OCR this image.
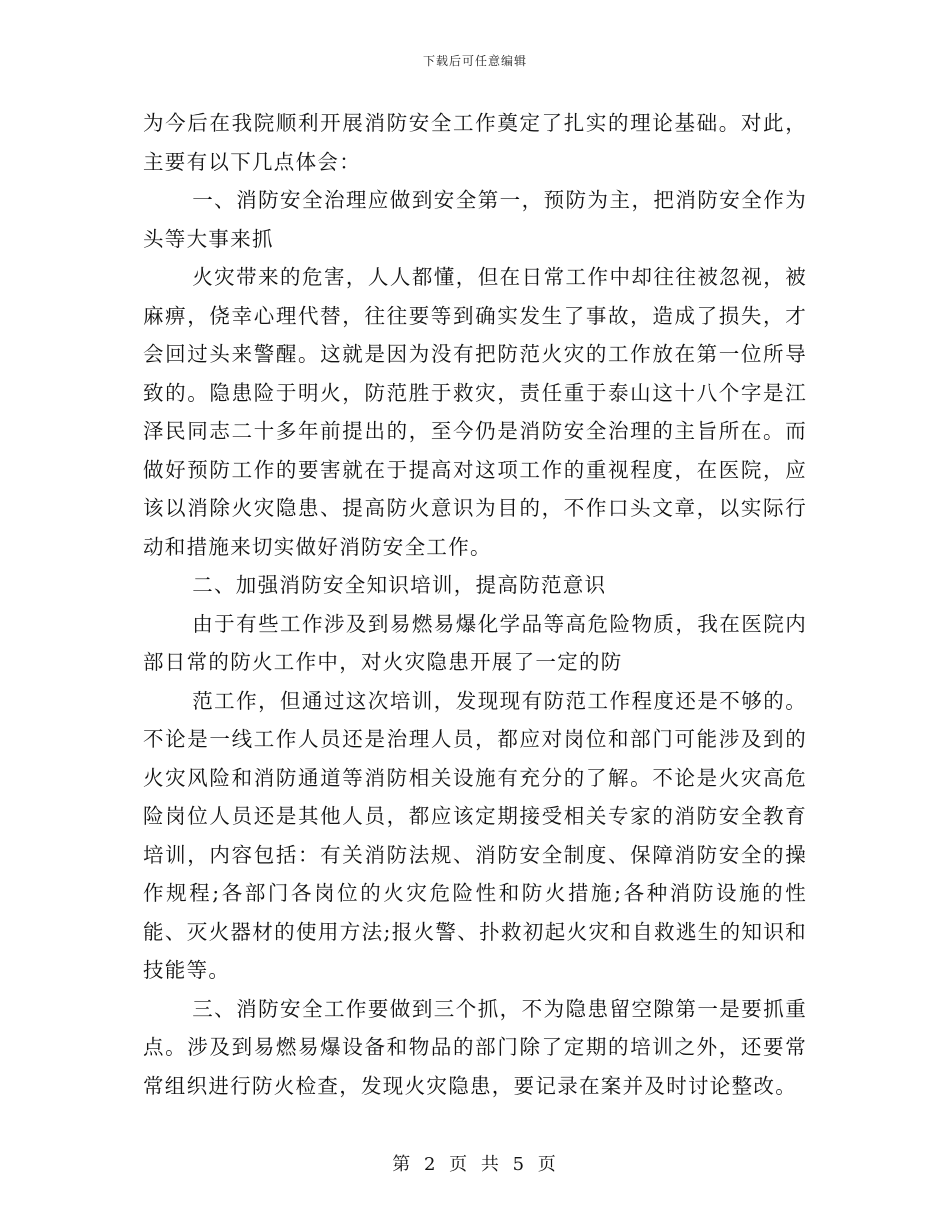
下载后可任意编辑

为今后在我院顺利开展消防安全工作奠定了扎实的理论基础。对此，主要有以下几点体会：

一、消防安全治理应做到安全第一，预防为主，把消防安全作为头等大事来抓

火灾带来的危害，人人都懂，但在日常工作中却往往被忽视，被麻痹，侥幸心理代替，往往要等到确实发生了事故，造成了损失，才会回过头来警醒。这就是因为没有把防范火灾的工作放在第一位所导致的。隐患险于明火，防范胜于救灾，责任重于泰山这十八个字是江泽民同志二十多年前提出的，至今仍是消防安全治理的主旨所在。而做好预防工作的要害就在于提高对这项工作的重视程度，在医院，应该以消除火灾隐患、提高防火意识为目的，不作口头文章，以实际行动和措施来切实做好消防安全工作。

二、加强消防安全知识培训，提高防范意识

由于有些工作涉及到易燃易爆化学品等高危险物质，我在医院内部日常的防火工作中，对火灾隐患开展了一定的防

范工作，但通过这次培训，发现现有防范工作程度还是不够的。不论是一线工作人员还是治理人员，都应对岗位和部门可能涉及到的火灾风险和消防通道等消防相关设施有充分的了解。不论是火灾高危险岗位人员还是其他人员，都应该定期接受相关专家的消防安全教育培训，内容包括：有关消防法规、消防安全制度、保障消防安全的操作规程;各部门各岗位的火灾危险性和防火措施;各种消防设施的性能、灭火器材的使用方法;报火警、扑救初起火灾和自救逃生的知识和技能等。

三、消防安全工作要做到三个抓，不为隐患留空隙第一是要抓重点。涉及到易燃易爆设备和物品的部门除了定期的培训之外，还要常常组织进行防火检查，发现火灾隐患，要记录在案并及时讨论整改。

第 2 页 共 5 页
